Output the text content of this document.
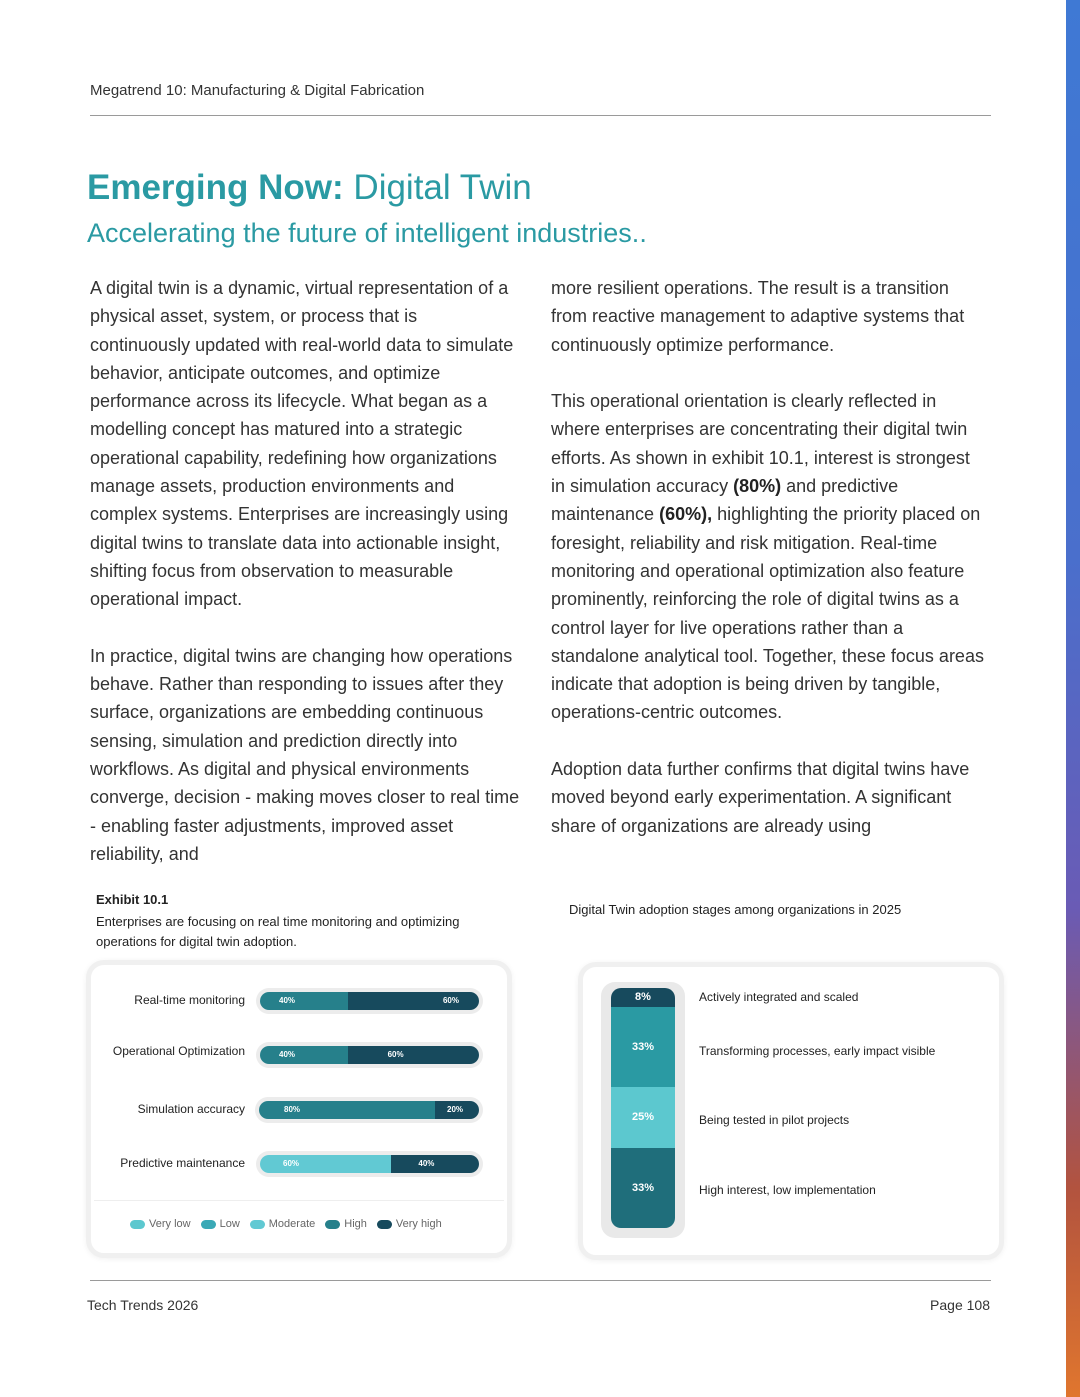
Megatrend 10: Manufacturing & Digital Fabrication
Emerging Now: Digital Twin
Accelerating the future of intelligent industries..

A digital twin is a dynamic, virtual representation of a physical asset, system, or process that is continuously updated with real-world data to simulate behavior, anticipate outcomes, and optimize performance across its lifecycle. What began as a modelling concept has matured into a strategic operational capability, redefining how organizations manage assets, production environments and complex systems. Enterprises are increasingly using digital twins to translate data into actionable insight, shifting focus from observation to measurable operational impact.

In practice, digital twins are changing how operations behave. Rather than responding to issues after they surface, organizations are embedding continuous sensing, simulation and prediction directly into workflows. As digital and physical environments converge, decision - making moves closer to real time - enabling faster adjustments, improved asset reliability, and

more resilient operations. The result is a transition from reactive management to adaptive systems that continuously optimize performance.

This operational orientation is clearly reflected in where enterprises are concentrating their digital twin efforts. As shown in exhibit 10.1, interest is strongest in simulation accuracy (80%) and predictive maintenance (60%), highlighting the priority placed on foresight, reliability and risk mitigation. Real-time monitoring and operational optimization also feature prominently, reinforcing the role of digital twins as a control layer for live operations rather than a standalone analytical tool. Together, these focus areas indicate that adoption is being driven by tangible, operations-centric outcomes.

Adoption data further confirms that digital twins have moved beyond early experimentation. A significant share of organizations are already using

Exhibit 10.1
Enterprises are focusing on real time monitoring and optimizing operations for digital twin adoption.
Digital Twin adoption stages among organizations in 2025
Real-time monitoring	40%	60%
Operational Optimization	40%	60%
Simulation accuracy	80%	20%
Predictive maintenance	60%	40%
Very low	Low	Moderate	High	Very high
8%
33%
25%
33%
Actively integrated and scaled
Transforming processes, early impact visible
Being tested in pilot projects
High interest, low implementation
Tech Trends 2026	Page 108
